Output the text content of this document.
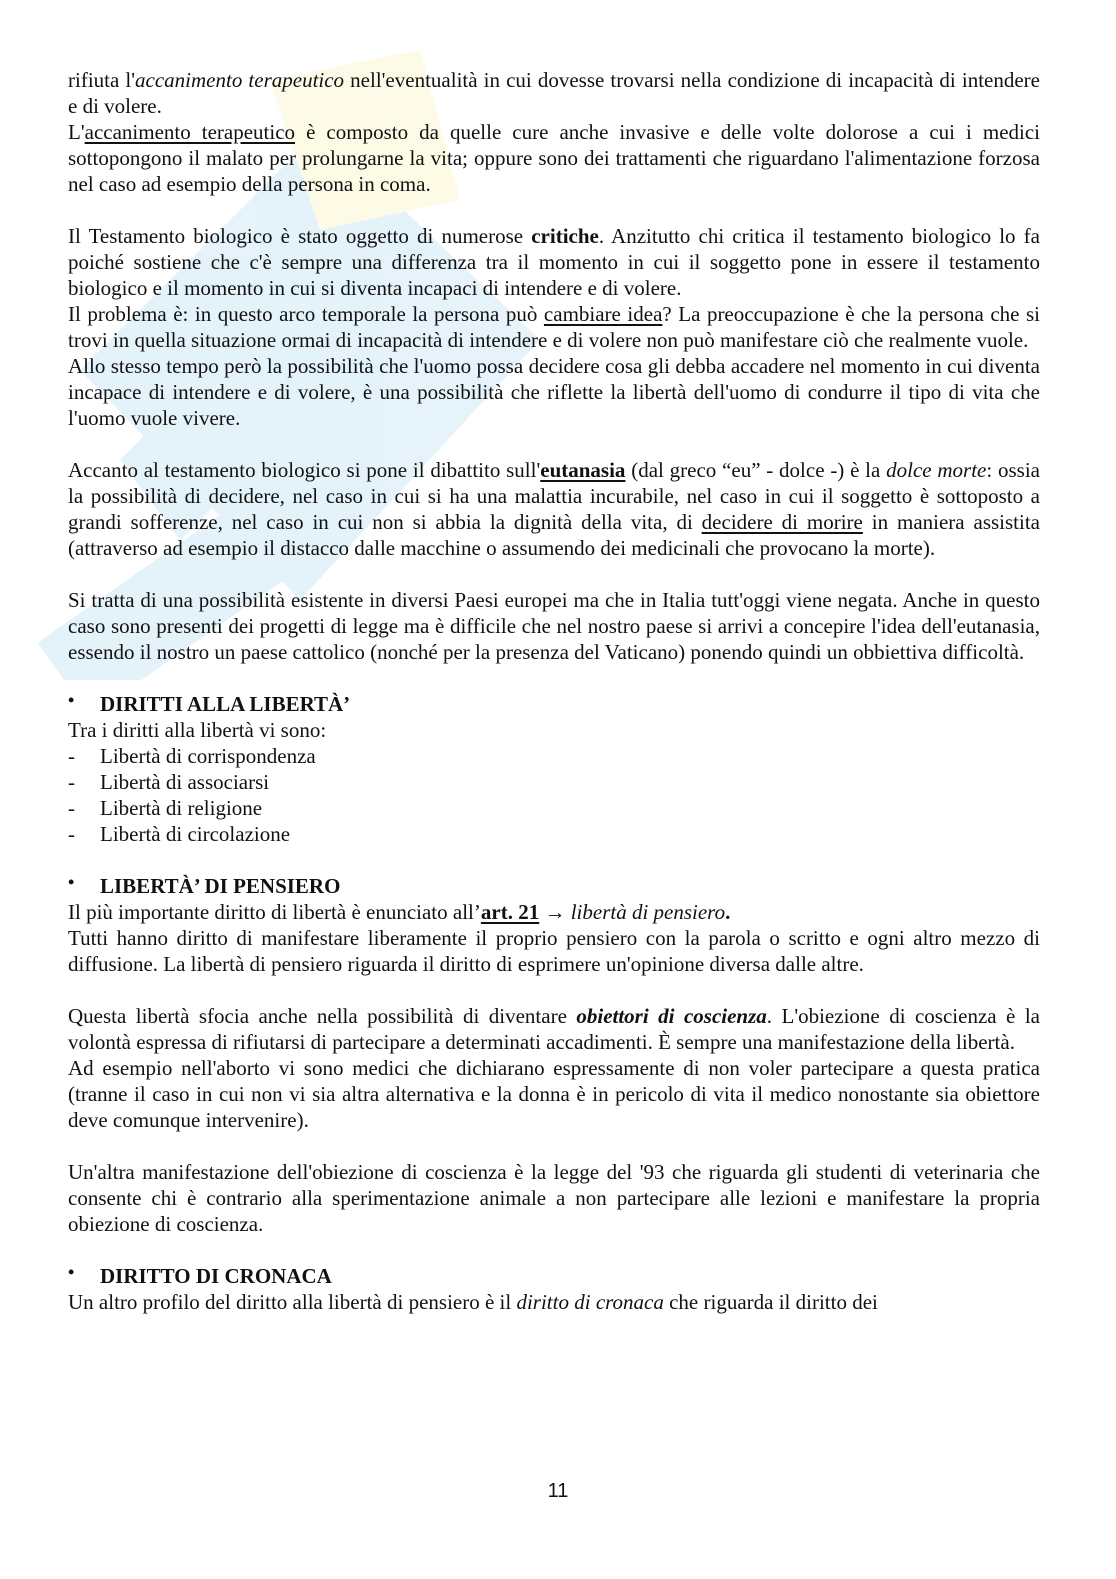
rifiuta l'accanimento terapeutico nell'eventualità in cui dovesse trovarsi nella condizione di incapacità di intendere e di volere.

L'accanimento terapeutico è composto da quelle cure anche invasive e delle volte dolorose a cui i medici sottopongono il malato per prolungarne la vita; oppure sono dei trattamenti che riguardano l'alimentazione forzosa nel caso ad esempio della persona in coma.

Il Testamento biologico è stato oggetto di numerose critiche. Anzitutto chi critica il testamento biologico lo fa poiché sostiene che c'è sempre una differenza tra il momento in cui il soggetto pone in essere il testamento biologico e il momento in cui si diventa incapaci di intendere e di volere.

Il problema è: in questo arco temporale la persona può cambiare idea? La preoccupazione è che la persona che si trovi in quella situazione ormai di incapacità di intendere e di volere non può manifestare ciò che realmente vuole.

Allo stesso tempo però la possibilità che l'uomo possa decidere cosa gli debba accadere nel momento in cui diventa incapace di intendere e di volere, è una possibilità che riflette la libertà dell'uomo di condurre il tipo di vita che l'uomo vuole vivere.

Accanto al testamento biologico si pone il dibattito sull'eutanasia (dal greco “eu” - dolce -) è la dolce morte: ossia la possibilità di decidere, nel caso in cui si ha una malattia incurabile, nel caso in cui il soggetto è sottoposto a grandi sofferenze, nel caso in cui non si abbia la dignità della vita, di decidere di morire in maniera assistita (attraverso ad esempio il distacco dalle macchine o assumendo dei medicinali che provocano la morte).

Si tratta di una possibilità esistente in diversi Paesi europei ma che in Italia tutt'oggi viene negata. Anche in questo caso sono presenti dei progetti di legge ma è difficile che nel nostro paese si arrivi a concepire l'idea dell'eutanasia, essendo il nostro un paese cattolico (nonché per la presenza del Vaticano) ponendo quindi un obbiettiva difficoltà.

• DIRITTI ALLA LIBERTÀ’

Tra i diritti alla libertà vi sono:

- Libertà di corrispondenza
- Libertà di associarsi
- Libertà di religione
- Libertà di circolazione
• LIBERTÀ’ DI PENSIERO

Il più importante diritto di libertà è enunciato all’art. 21 → libertà di pensiero.

Tutti hanno diritto di manifestare liberamente il proprio pensiero con la parola o scritto e ogni altro mezzo di diffusione. La libertà di pensiero riguarda il diritto di esprimere un'opinione diversa dalle altre.

Questa libertà sfocia anche nella possibilità di diventare obiettori di coscienza. L'obiezione di coscienza è la volontà espressa di rifiutarsi di partecipare a determinati accadimenti. È sempre una manifestazione della libertà.

Ad esempio nell'aborto vi sono medici che dichiarano espressamente di non voler partecipare a questa pratica (tranne il caso in cui non vi sia altra alternativa e la donna è in pericolo di vita il medico nonostante sia obiettore deve comunque intervenire).

Un'altra manifestazione dell'obiezione di coscienza è la legge del '93 che riguarda gli studenti di veterinaria che consente chi è contrario alla sperimentazione animale a non partecipare alle lezioni e manifestare la propria obiezione di coscienza.

• DIRITTO DI CRONACA

Un altro profilo del diritto alla libertà di pensiero è il diritto di cronaca che riguarda il diritto dei

11
